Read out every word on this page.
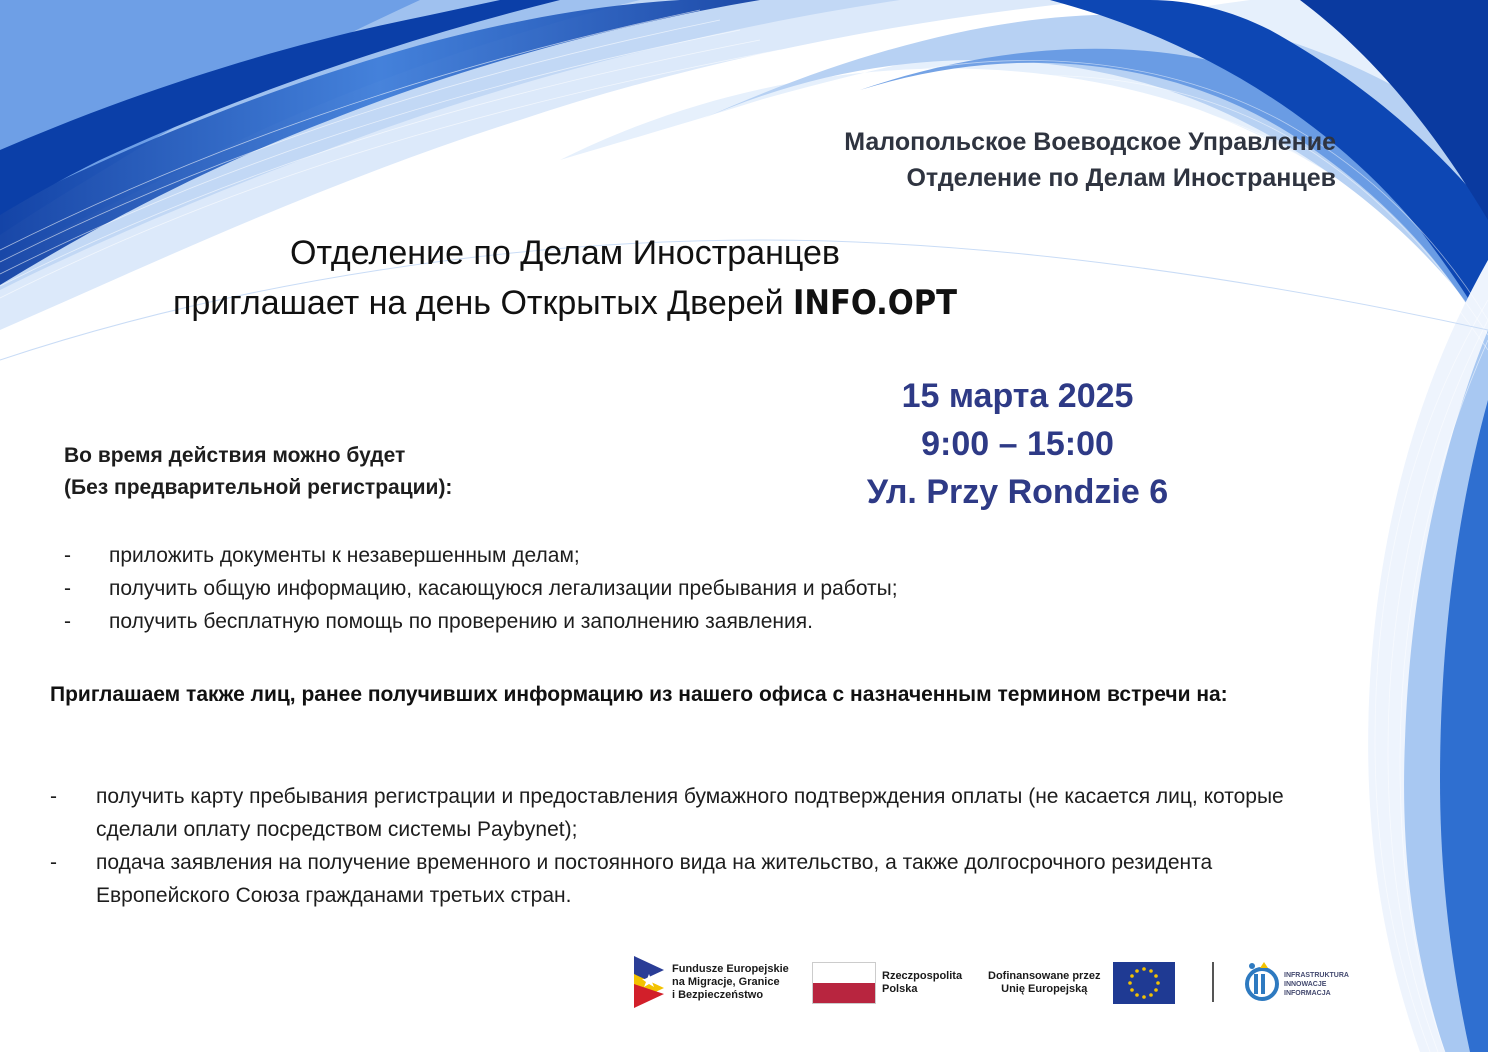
Малопольское Воеводское Управление
Отделение по Делам Иностранцев
Отделение по Делам Иностранцев
приглашает на день Открытых Дверей INFO.OPT
15 марта 2025
9:00 – 15:00
Ул. Przy Rondzie 6
Во время действия можно будет
(Без предварительной регистрации):
- приложить документы к незавершенным делам;
- получить общую информацию, касающуюся легализации пребывания и работы;
- получить бесплатную помощь по проверению и заполнению заявления.
Приглашаем также лиц, ранее получивших информацию из нашего офиса с назначенным термином встречи на:
- получить карту пребывания регистрации и предоставления бумажного подтверждения оплаты (не касается лиц, которые сделали оплату посредством системы Paybynet);
- подача заявления на получение временного и постоянного вида на жительство, а также долгосрочного резидента Европейского Союза гражданами третьих стран.
Fundusze Europejskie
na Migracje, Granice
i Bezpieczeństwo
Rzeczpospolita
Polska
Dofinansowane przez
Unię Europejską
INFRASTRUKTURA
INNOWACJE
INFORMACJA
